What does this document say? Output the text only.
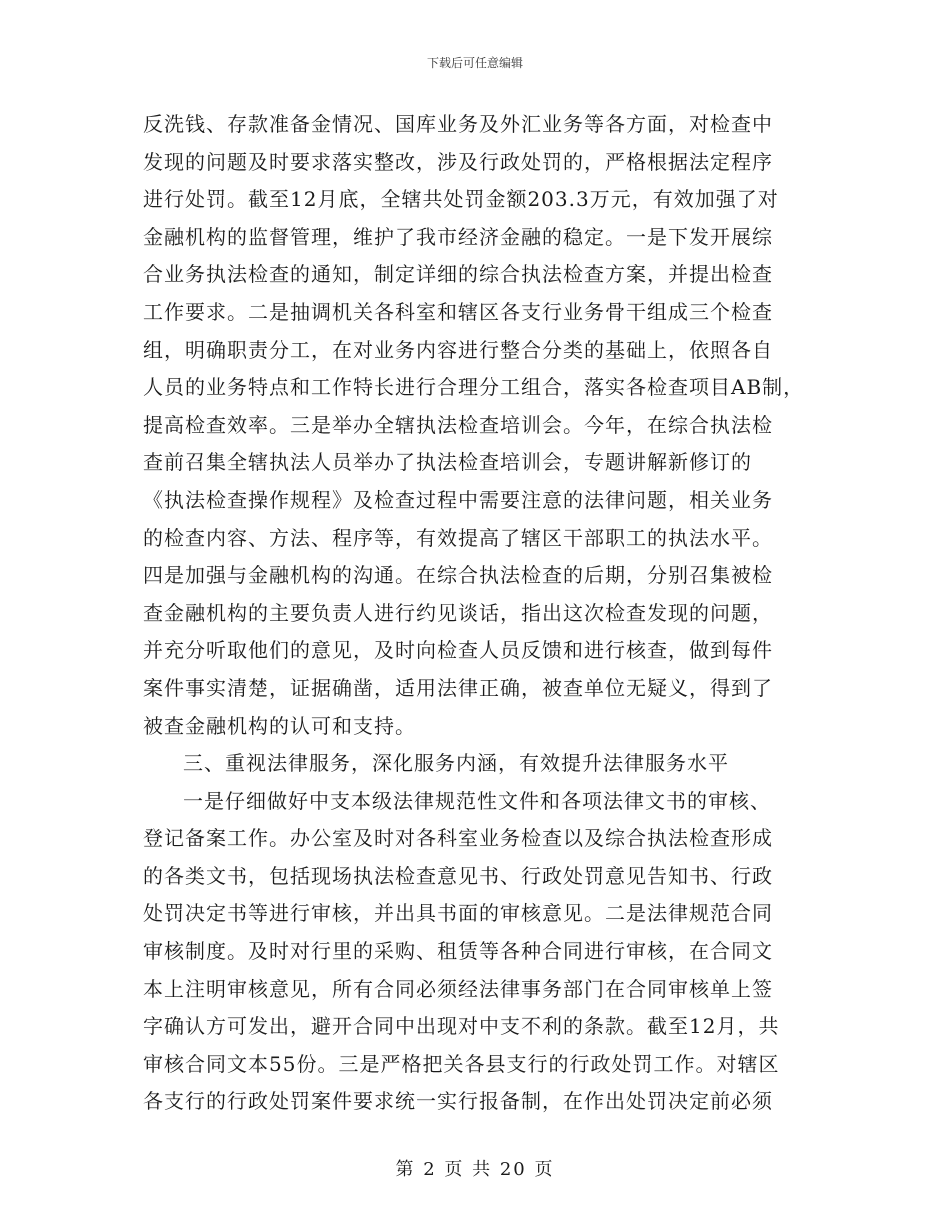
下载后可任意编辑
反洗钱、存款准备金情况、国库业务及外汇业务等各方面，对检查中
发现的问题及时要求落实整改，涉及行政处罚的，严格根据法定程序
进行处罚。截至12月底，全辖共处罚金额203.3万元，有效加强了对
金融机构的监督管理，维护了我市经济金融的稳定。一是下发开展综
合业务执法检查的通知，制定详细的综合执法检查方案，并提出检查
工作要求。二是抽调机关各科室和辖区各支行业务骨干组成三个检查
组，明确职责分工，在对业务内容进行整合分类的基础上，依照各自
人员的业务特点和工作特长进行合理分工组合，落实各检查项目AB制，
提高检查效率。三是举办全辖执法检查培训会。今年，在综合执法检
查前召集全辖执法人员举办了执法检查培训会，专题讲解新修订的
《执法检查操作规程》及检查过程中需要注意的法律问题，相关业务
的检查内容、方法、程序等，有效提高了辖区干部职工的执法水平。
四是加强与金融机构的沟通。在综合执法检查的后期，分别召集被检
查金融机构的主要负责人进行约见谈话，指出这次检查发现的问题，
并充分听取他们的意见，及时向检查人员反馈和进行核查，做到每件
案件事实清楚，证据确凿，适用法律正确，被查单位无疑义，得到了
被查金融机构的认可和支持。
三、重视法律服务，深化服务内涵，有效提升法律服务水平
一是仔细做好中支本级法律规范性文件和各项法律文书的审核、
登记备案工作。办公室及时对各科室业务检查以及综合执法检查形成
的各类文书，包括现场执法检查意见书、行政处罚意见告知书、行政
处罚决定书等进行审核，并出具书面的审核意见。二是法律规范合同
审核制度。及时对行里的采购、租赁等各种合同进行审核，在合同文
本上注明审核意见，所有合同必须经法律事务部门在合同审核单上签
字确认方可发出，避开合同中出现对中支不利的条款。截至12月，共
审核合同文本55份。三是严格把关各县支行的行政处罚工作。对辖区
各支行的行政处罚案件要求统一实行报备制，在作出处罚决定前必须
第 2 页 共 20 页
